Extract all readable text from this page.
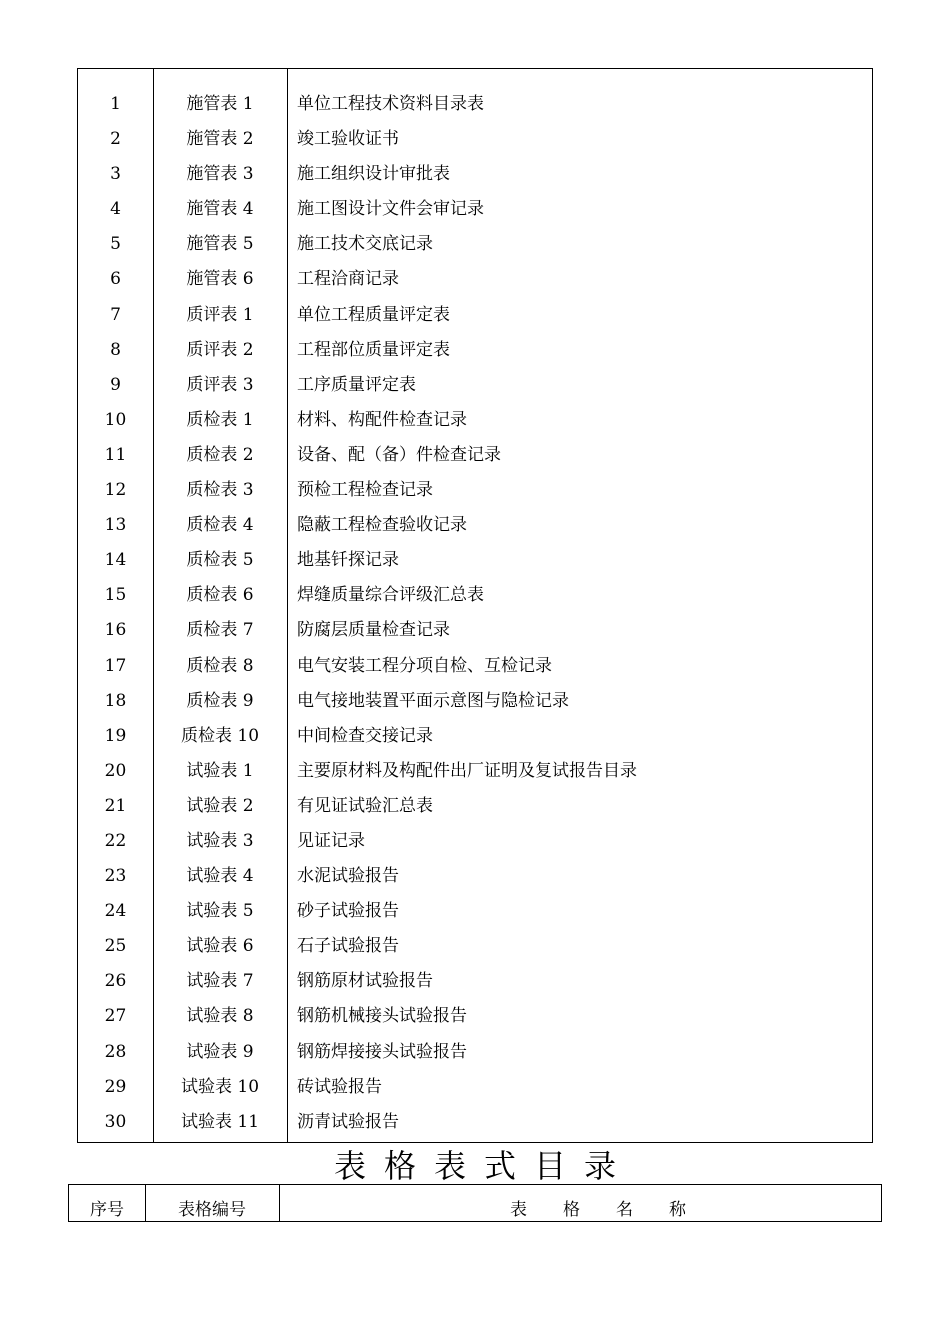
1	施管表 1	单位工程技术资料目录表
2	施管表 2	竣工验收证书
3	施管表 3	施工组织设计审批表
4	施管表 4	施工图设计文件会审记录
5	施管表 5	施工技术交底记录
6	施管表 6	工程洽商记录
7	质评表 1	单位工程质量评定表
8	质评表 2	工程部位质量评定表
9	质评表 3	工序质量评定表
10	质检表 1	材料、构配件检查记录
11	质检表 2	设备、配（备）件检查记录
12	质检表 3	预检工程检查记录
13	质检表 4	隐蔽工程检查验收记录
14	质检表 5	地基钎探记录
15	质检表 6	焊缝质量综合评级汇总表
16	质检表 7	防腐层质量检查记录
17	质检表 8	电气安装工程分项自检、互检记录
18	质检表 9	电气接地装置平面示意图与隐检记录
19	质检表 10	中间检查交接记录
20	试验表 1	主要原材料及构配件出厂证明及复试报告目录
21	试验表 2	有见证试验汇总表
22	试验表 3	见证记录
23	试验表 4	水泥试验报告
24	试验表 5	砂子试验报告
25	试验表 6	石子试验报告
26	试验表 7	钢筋原材试验报告
27	试验表 8	钢筋机械接头试验报告
28	试验表 9	钢筋焊接接头试验报告
29	试验表 10	砖试验报告
30	试验表 11	沥青试验报告
表格表式目录
序号	表格编号	表格名称
